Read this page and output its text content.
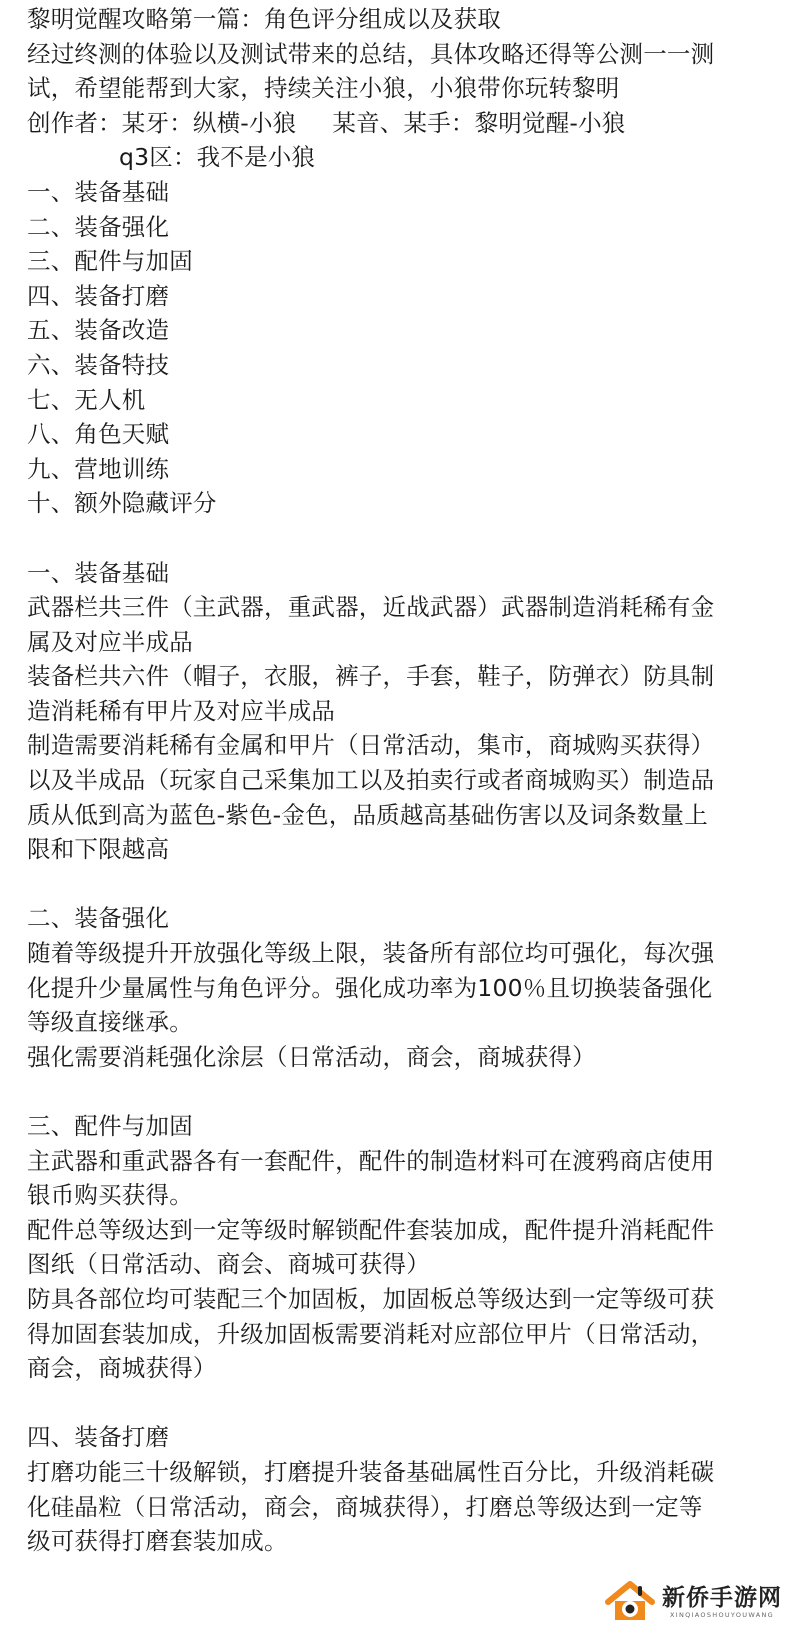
黎明觉醒攻略第一篇：角色评分组成以及获取
经过终测的体验以及测试带来的总结，具体攻略还得等公测一一测
试，希望能帮到大家，持续关注小狼，小狼带你玩转黎明
创作者：某牙：纵横-小狼 某音、某手：黎明觉醒-小狼
q3区：我不是小狼
一、装备基础
二、装备强化
三、配件与加固
四、装备打磨
五、装备改造
六、装备特技
七、无人机
八、角色天赋
九、营地训练
十、额外隐藏评分
一、装备基础
武器栏共三件（主武器，重武器，近战武器）武器制造消耗稀有金
属及对应半成品
装备栏共六件（帽子，衣服，裤子，手套，鞋子，防弹衣）防具制
造消耗稀有甲片及对应半成品
制造需要消耗稀有金属和甲片（日常活动，集市，商城购买获得）
以及半成品（玩家自己采集加工以及拍卖行或者商城购买）制造品
质从低到高为蓝色-紫色-金色，品质越高基础伤害以及词条数量上
限和下限越高
二、装备强化
随着等级提升开放强化等级上限，装备所有部位均可强化，每次强
化提升少量属性与角色评分。强化成功率为100％且切换装备强化
等级直接继承。
强化需要消耗强化涂层（日常活动，商会，商城获得）
三、配件与加固
主武器和重武器各有一套配件，配件的制造材料可在渡鸦商店使用
银币购买获得。
配件总等级达到一定等级时解锁配件套装加成，配件提升消耗配件
图纸（日常活动、商会、商城可获得）
防具各部位均可装配三个加固板，加固板总等级达到一定等级可获
得加固套装加成，升级加固板需要消耗对应部位甲片（日常活动，
商会，商城获得）
四、装备打磨
打磨功能三十级解锁，打磨提升装备基础属性百分比，升级消耗碳
化硅晶粒（日常活动，商会，商城获得），打磨总等级达到一定等
级可获得打磨套装加成。
新侨手游网
XINQIAOSHOUYOUWANG
